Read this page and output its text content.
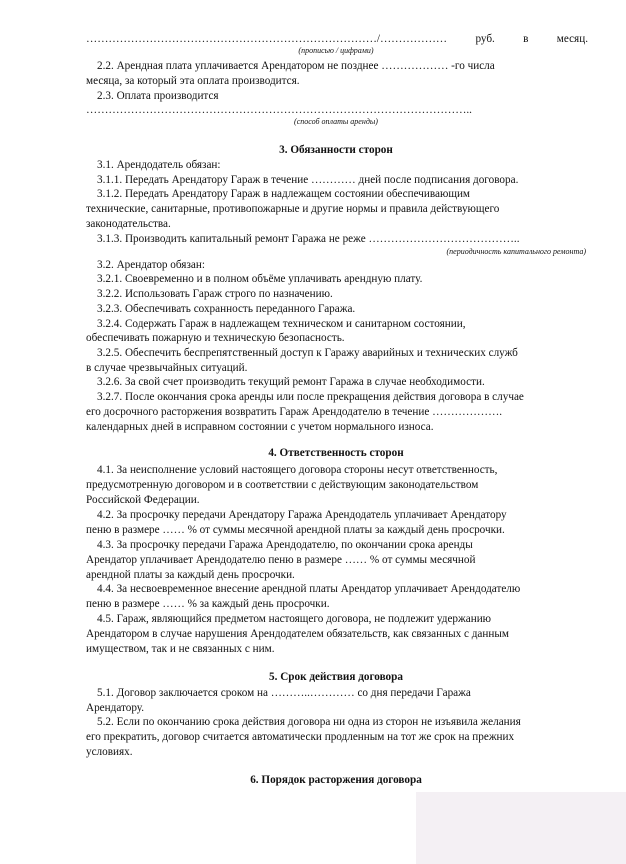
……………………………………………………………………/……………… руб. в месяц.
(прописью / цифрами)
2.2. Арендная плата уплачивается Арендатором не позднее ……………… -го числа
месяца, за который эта оплата производится.
2.3. Оплата производится
…………………………………………………………………………………………..
(способ оплаты аренды)
3. Обязанности сторон
3.1. Арендодатель обязан:
3.1.1. Передать Арендатору Гараж в течение ………… дней после подписания договора.
3.1.2. Передать Арендатору Гараж в надлежащем состоянии обеспечивающим
технические, санитарные, противопожарные и другие нормы и правила действующего
законодательства.
3.1.3. Производить капитальный ремонт Гаража не реже …………………………………..
(периодичность капитального ремонта)
3.2. Арендатор обязан:
3.2.1. Своевременно и в полном объёме уплачивать арендную плату.
3.2.2. Использовать Гараж строго по назначению.
3.2.3. Обеспечивать сохранность переданного Гаража.
3.2.4. Содержать Гараж в надлежащем техническом и санитарном состоянии,
обеспечивать пожарную и техническую безопасность.
3.2.5. Обеспечить беспрепятственный доступ к Гаражу аварийных и технических служб
в случае чрезвычайных ситуаций.
3.2.6. За свой счет производить текущий ремонт Гаража в случае необходимости.
3.2.7. После окончания срока аренды или после прекращения действия договора в случае
его досрочного расторжения возвратить Гараж Арендодателю в течение ……………….
календарных дней в исправном состоянии с учетом нормального износа.
4. Ответственность сторон
4.1. За неисполнение условий настоящего договора стороны несут ответственность,
предусмотренную договором и в соответствии с действующим законодательством
Российской Федерации.
4.2. За просрочку передачи Арендатору Гаража Арендодатель уплачивает Арендатору
пеню в размере …… % от суммы месячной арендной платы за каждый день просрочки.
4.3. За просрочку передачи Гаража Арендодателю, по окончании срока аренды
Арендатор уплачивает Арендодателю пеню в размере …… % от суммы месячной
арендной платы за каждый день просрочки.
4.4. За несвоевременное внесение арендной платы Арендатор уплачивает Арендодателю
пеню в размере …… % за каждый день просрочки.
4.5. Гараж, являющийся предметом настоящего договора, не подлежит удержанию
Арендатором в случае нарушения Арендодателем обязательств, как связанных с данным
имуществом, так и не связанных с ним.
5. Срок действия договора
5.1. Договор заключается сроком на ………..………… со дня передачи Гаража
Арендатору.
5.2. Если по окончанию срока действия договора ни одна из сторон не изъявила желания
его прекратить, договор считается автоматически продленным на тот же срок на прежних
условиях.
6. Порядок расторжения договора
